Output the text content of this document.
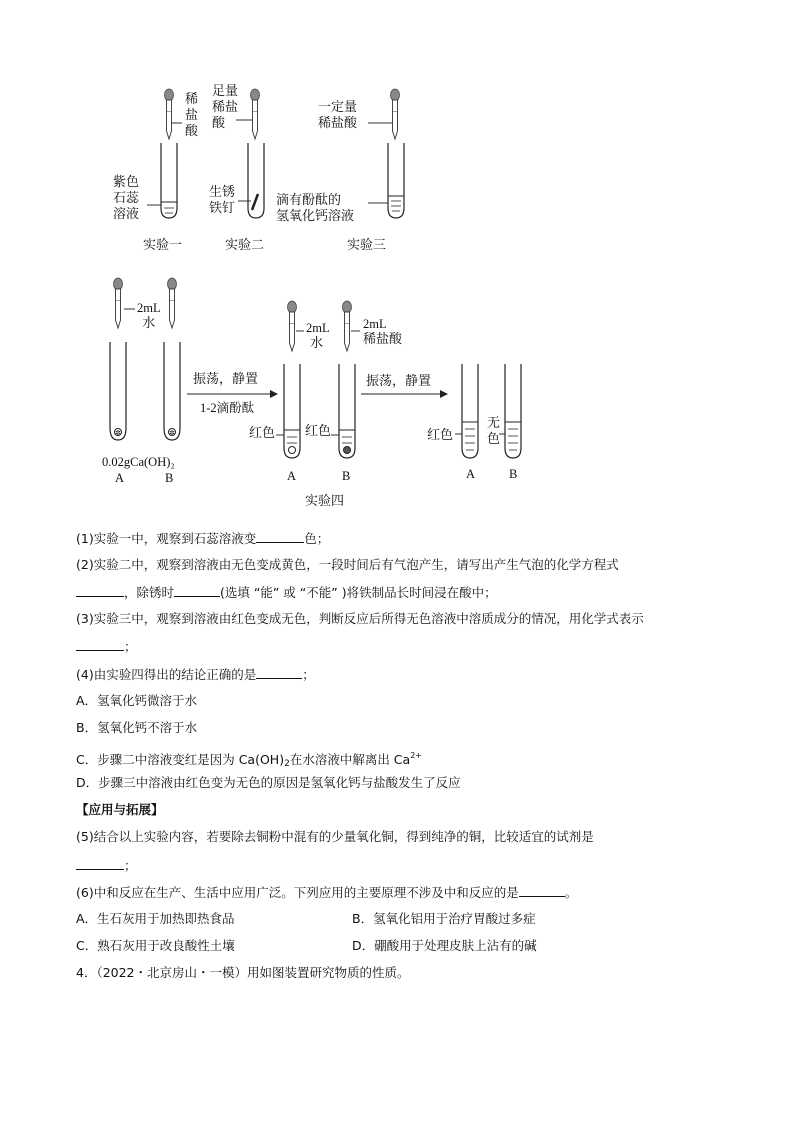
✲	✲
稀
盐
酸
紫色
石蕊
溶液
实验一
足量
稀盐
酸
生锈
铁钉
实验二
一定量
稀盐酸
滴有酚酞的
氢氧化钙溶液
实验三
2mL
水
0.02gCa(OH)₂
A	B
振荡，静置
1-2滴酚酞
2mL
水
2mL
稀盐酸
红色 红色
A	B
振荡，静置
红色
无
色
A	B
实验四
(1)实验一中，观察到石蕊溶液变	色；
(2)实验二中，观察到溶液由无色变成黄色，一段时间后有气泡产生，请写出产生气泡的化学方程式
，除锈时	(选填 “能” 或 “不能” )将铁制品长时间浸在酸中；
(3)实验三中，观察到溶液由红色变成无色，判断反应后所得无色溶液中溶质成分的情况，用化学式表示
；
(4)由实验四得出的结论正确的是	；
A．氢氧化钙微溶于水
B．氢氧化钙不溶于水
C．步骤二中溶液变红是因为 $Ca(OH)_2$在水溶液中解离出 $Ca^{2+}$
D．步骤三中溶液由红色变为无色的原因是氢氧化钙与盐酸发生了反应
【应用与拓展】
(5)结合以上实验内容，若要除去铜粉中混有的少量氧化铜，得到纯净的铜，比较适宜的试剂是
；
(6)中和反应在生产、生活中应用广泛。下列应用的主要原理不涉及中和反应的是	。
A．生石灰用于加热即热食品	B．氢氧化铝用于治疗胃酸过多症
C．熟石灰用于改良酸性土壤	D．硼酸用于处理皮肤上沾有的碱
4．（2022・北京房山・一模）用如图装置研究物质的性质。
